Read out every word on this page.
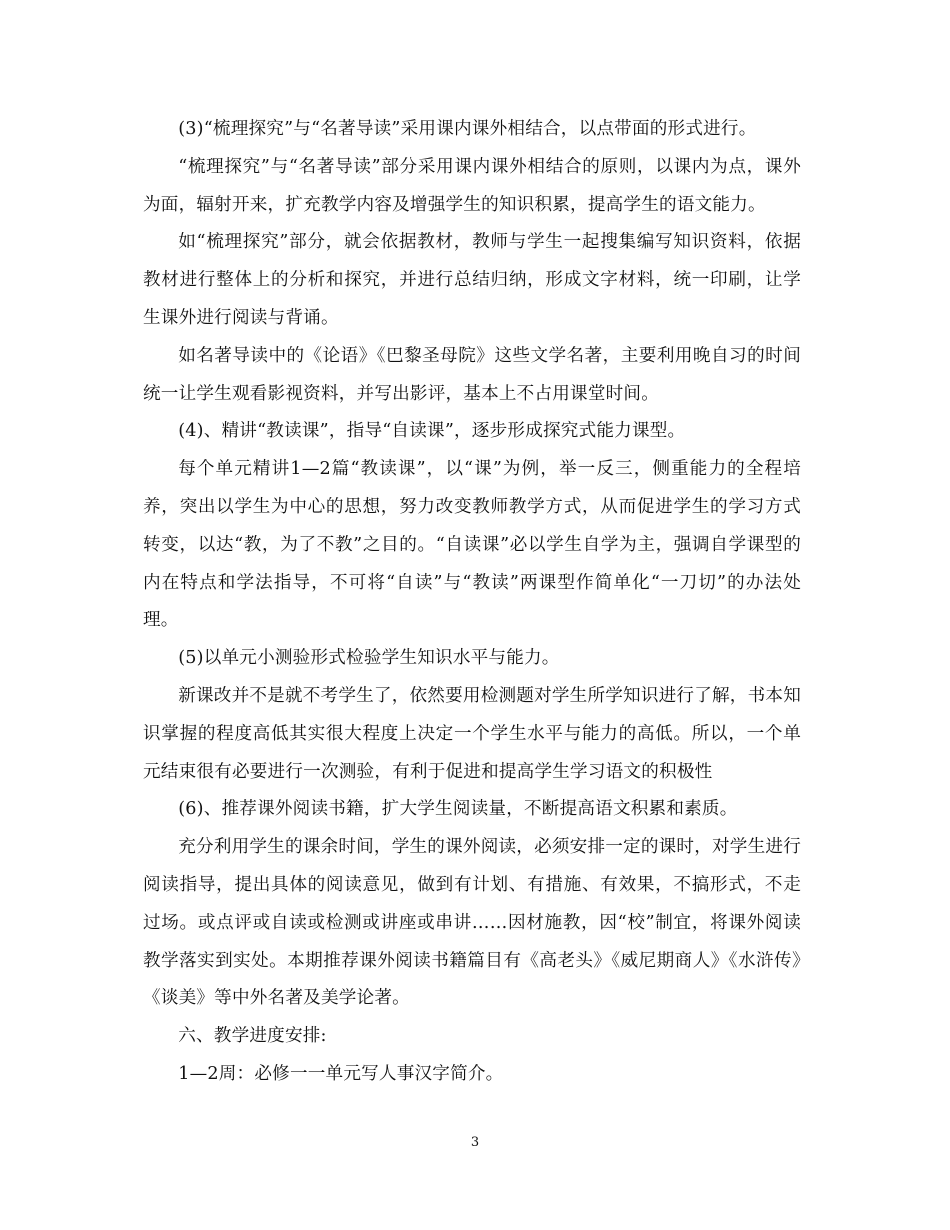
(3)“梳理探究”与“名著导读”采用课内课外相结合，以点带面的形式进行。

“梳理探究”与“名著导读”部分采用课内课外相结合的原则，以课内为点，课外为面，辐射开来，扩充教学内容及增强学生的知识积累，提高学生的语文能力。

如“梳理探究”部分，就会依据教材，教师与学生一起搜集编写知识资料，依据教材进行整体上的分析和探究，并进行总结归纳，形成文字材料，统一印刷，让学生课外进行阅读与背诵。

如名著导读中的《论语》《巴黎圣母院》这些文学名著，主要利用晚自习的时间统一让学生观看影视资料，并写出影评，基本上不占用课堂时间。

(4)、精讲“教读课”，指导“自读课”，逐步形成探究式能力课型。

每个单元精讲1—2篇“教读课”，以“课”为例，举一反三，侧重能力的全程培养，突出以学生为中心的思想，努力改变教师教学方式，从而促进学生的学习方式转变，以达“教，为了不教”之目的。“自读课”必以学生自学为主，强调自学课型的内在特点和学法指导，不可将“自读”与“教读”两课型作简单化“一刀切”的办法处理。

(5)以单元小测验形式检验学生知识水平与能力。

新课改并不是就不考学生了，依然要用检测题对学生所学知识进行了解，书本知识掌握的程度高低其实很大程度上决定一个学生水平与能力的高低。所以，一个单元结束很有必要进行一次测验，有利于促进和提高学生学习语文的积极性

(6)、推荐课外阅读书籍，扩大学生阅读量，不断提高语文积累和素质。

充分利用学生的课余时间，学生的课外阅读，必须安排一定的课时，对学生进行阅读指导，提出具体的阅读意见，做到有计划、有措施、有效果，不搞形式，不走过场。或点评或自读或检测或讲座或串讲……因材施教，因“校”制宜，将课外阅读教学落实到实处。本期推荐课外阅读书籍篇目有《高老头》《威尼期商人》《水浒传》《谈美》等中外名著及美学论著。

六、教学进度安排:

1—2周：必修一一单元写人事汉字简介。

3
